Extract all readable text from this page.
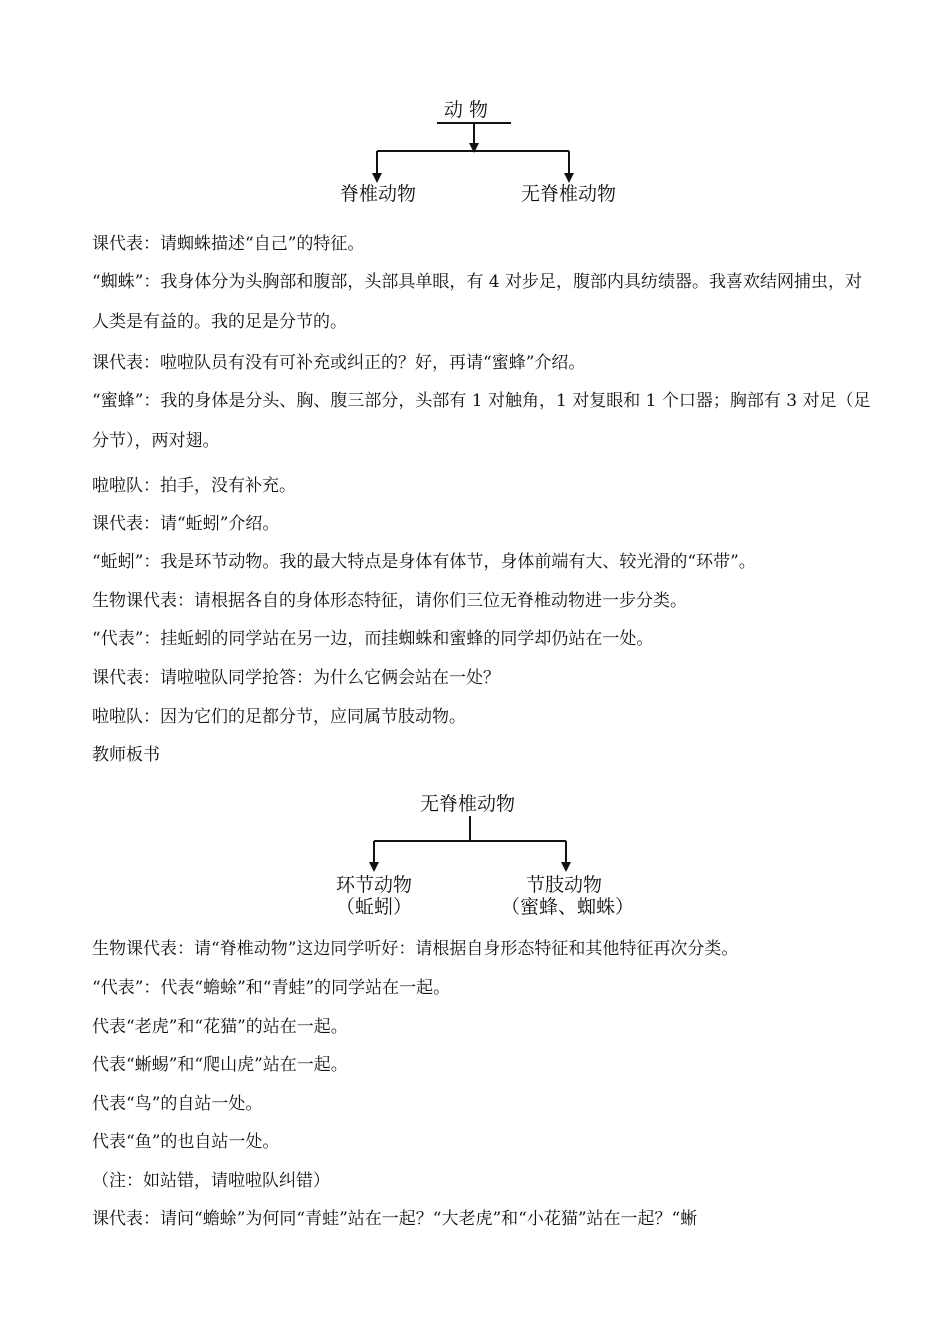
动 物
脊椎动物	无脊椎动物

课代表：请蜘蛛描述“自己”的特征。

“蜘蛛”：我身体分为头胸部和腹部，头部具单眼，有 4 对步足，腹部内具纺绩器。我喜欢结网捕虫，对人类是有益的。我的足是分节的。

课代表：啦啦队员有没有可补充或纠正的？好，再请“蜜蜂”介绍。

“蜜蜂”：我的身体是分头、胸、腹三部分，头部有 1 对触角，1 对复眼和 1 个口器；胸部有 3 对足（足分节），两对翅。

啦啦队：拍手，没有补充。

课代表：请“蚯蚓”介绍。

“蚯蚓”：我是环节动物。我的最大特点是身体有体节，身体前端有大、较光滑的“环带”。

生物课代表：请根据各自的身体形态特征，请你们三位无脊椎动物进一步分类。

“代表”：挂蚯蚓的同学站在另一边，而挂蜘蛛和蜜蜂的同学却仍站在一处。

课代表：请啦啦队同学抢答：为什么它俩会站在一处？

啦啦队：因为它们的足都分节，应同属节肢动物。

教师板书

无脊椎动物
环节动物
（蚯蚓）
节肢动物
（蜜蜂、蜘蛛）

生物课代表：请“脊椎动物”这边同学听好：请根据自身形态特征和其他特征再次分类。

“代表”：代表“蟾蜍”和“青蛙”的同学站在一起。

代表“老虎”和“花猫”的站在一起。

代表“蜥蜴”和“爬山虎”站在一起。

代表“鸟”的自站一处。

代表“鱼”的也自站一处。

（注：如站错，请啦啦队纠错）

课代表：请问“蟾蜍”为何同“青蛙”站在一起？“大老虎”和“小花猫”站在一起？“蜥
